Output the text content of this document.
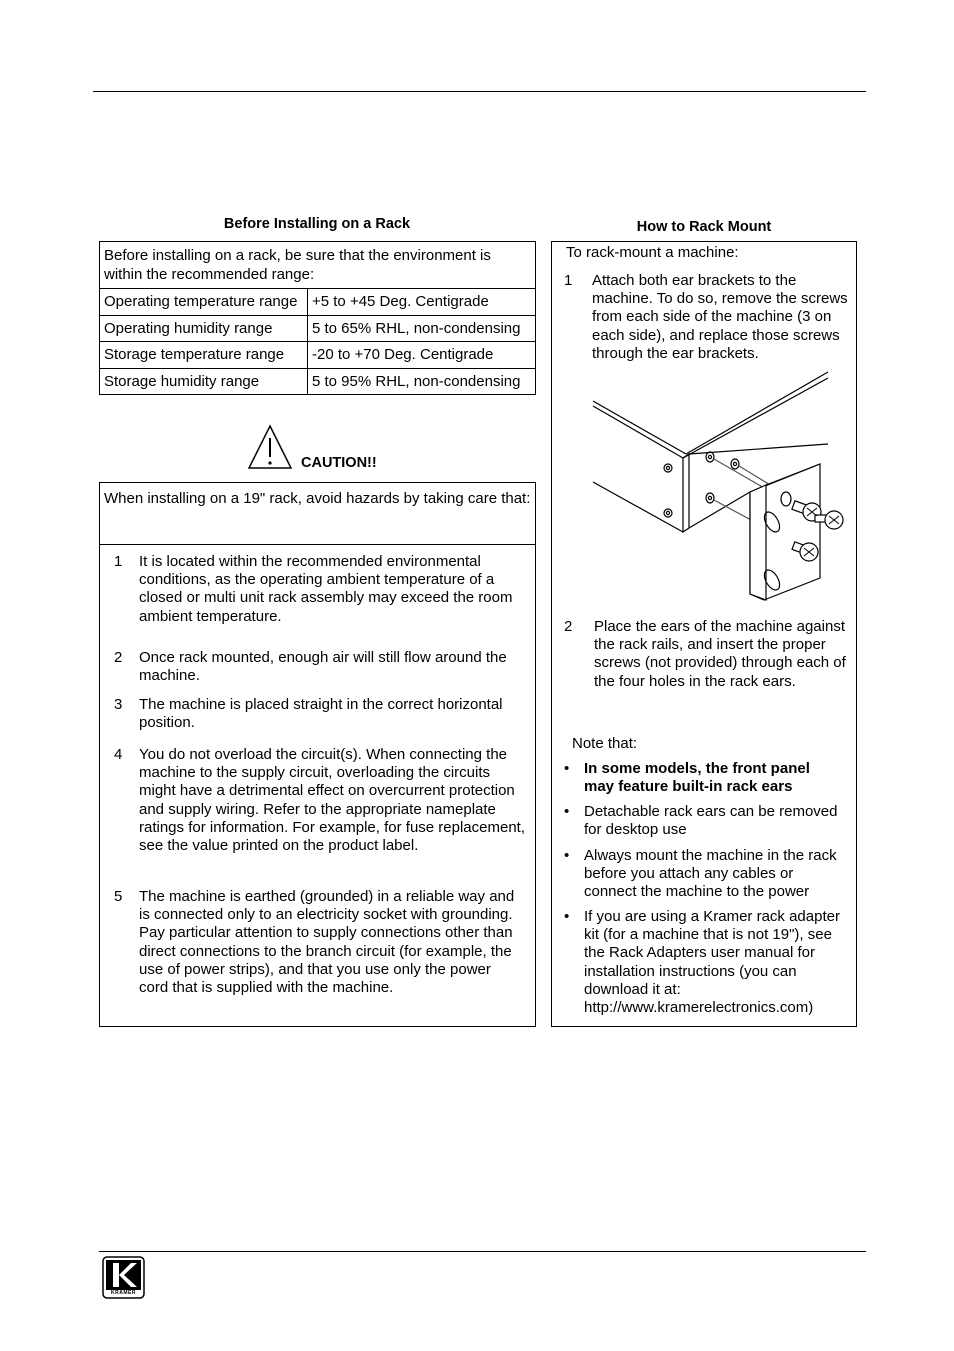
Before Installing on a Rack
Before installing on a rack, be sure that the environment is within the recommended range:
Operating temperature range	+5 to +45 Deg. Centigrade
Operating humidity range	5 to 65% RHL, non-condensing
Storage temperature range	-20 to +70 Deg. Centigrade
Storage humidity range	5 to 95% RHL, non-condensing
CAUTION!!
When installing on a 19" rack, avoid hazards by taking care that:
1 It is located within the recommended environmental conditions, as the operating ambient temperature of a closed or multi unit rack assembly may exceed the room ambient temperature.
2 Once rack mounted, enough air will still flow around the machine.
3 The machine is placed straight in the correct horizontal position.
4 You do not overload the circuit(s). When connecting the machine to the supply circuit, overloading the circuits might have a detrimental effect on overcurrent protection and supply wiring. Refer to the appropriate nameplate ratings for information. For example, for fuse replacement, see the value printed on the product label.
5 The machine is earthed (grounded) in a reliable way and is connected only to an electricity socket with grounding. Pay particular attention to supply connections other than direct connections to the branch circuit (for example, the use of power strips), and that you use only the power cord that is supplied with the machine.
How to Rack Mount
To rack-mount a machine:
1 Attach both ear brackets to the machine. To do so, remove the screws from each side of the machine (3 on each side), and replace those screws through the ear brackets.
2 Place the ears of the machine against the rack rails, and insert the proper screws (not provided) through each of the four holes in the rack ears.
Note that:
• In some models, the front panel may feature built-in rack ears
• Detachable rack ears can be removed for desktop use
• Always mount the machine in the rack before you attach any cables or connect the machine to the power
• If you are using a Kramer rack adapter kit (for a machine that is not 19"), see the Rack Adapters user manual for installation instructions (you can download it at: http://www.kramerelectronics.com)
KRAMER
